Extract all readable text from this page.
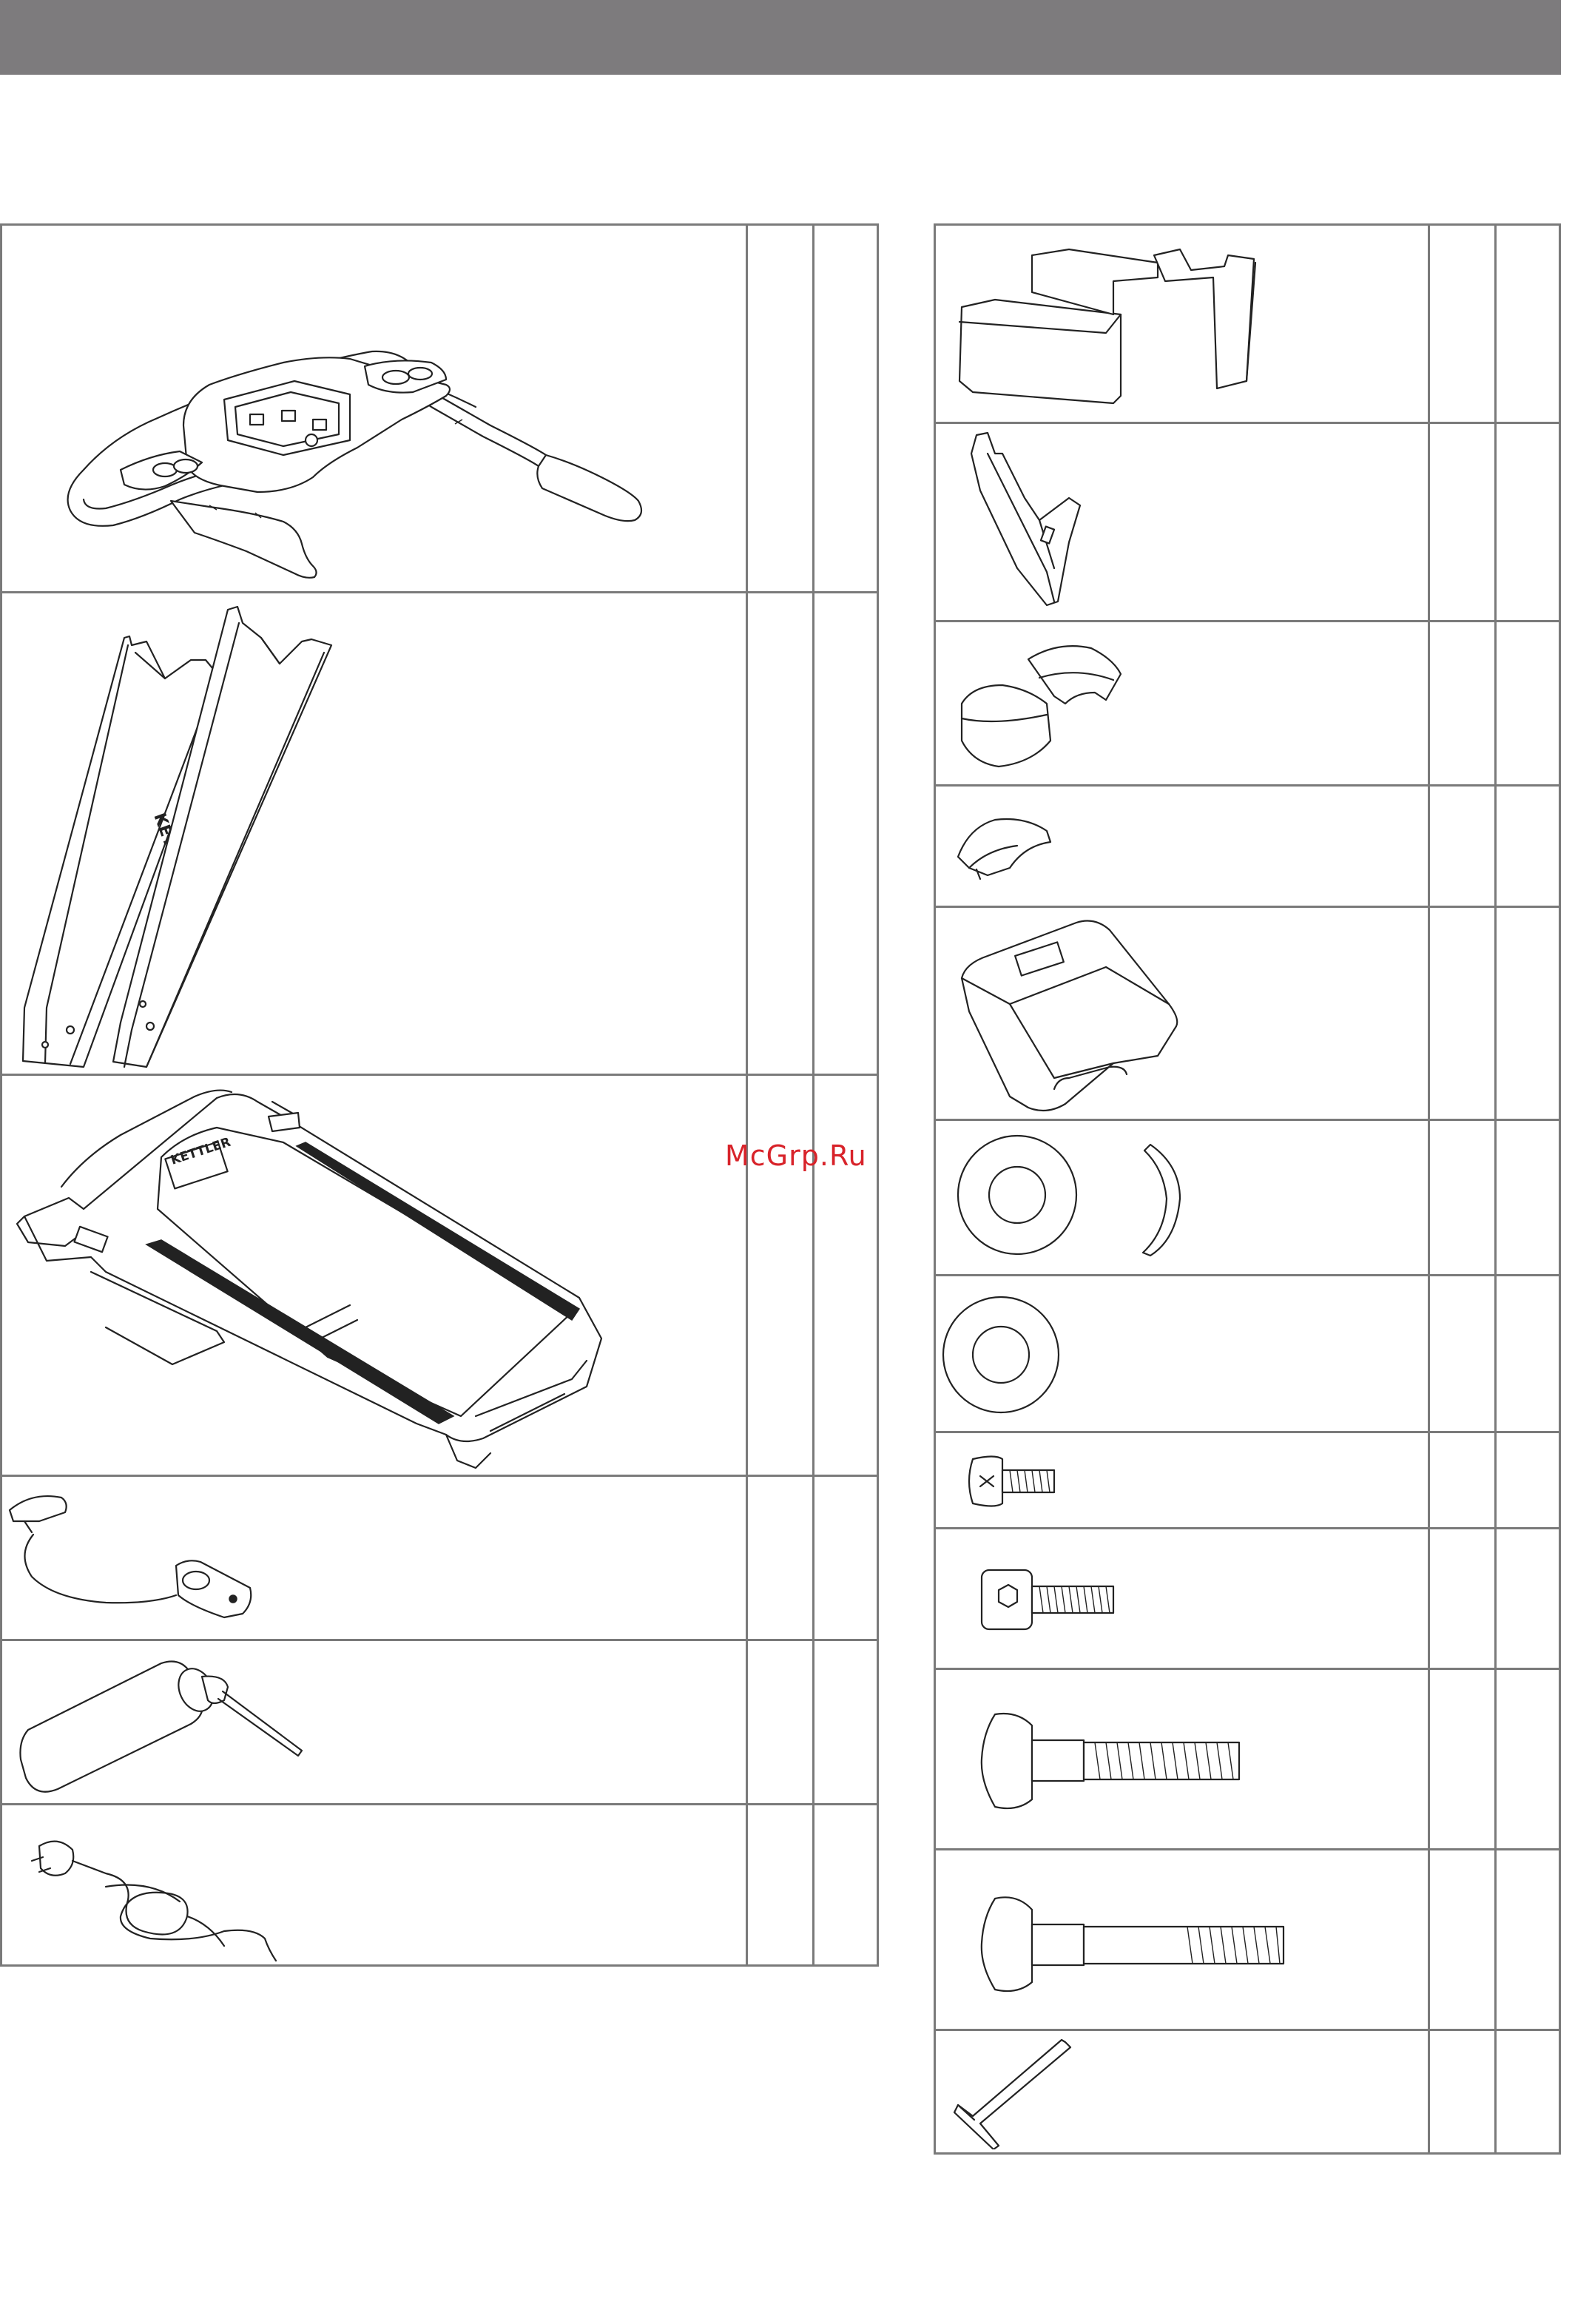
KETTLER	McGrp.Ru
